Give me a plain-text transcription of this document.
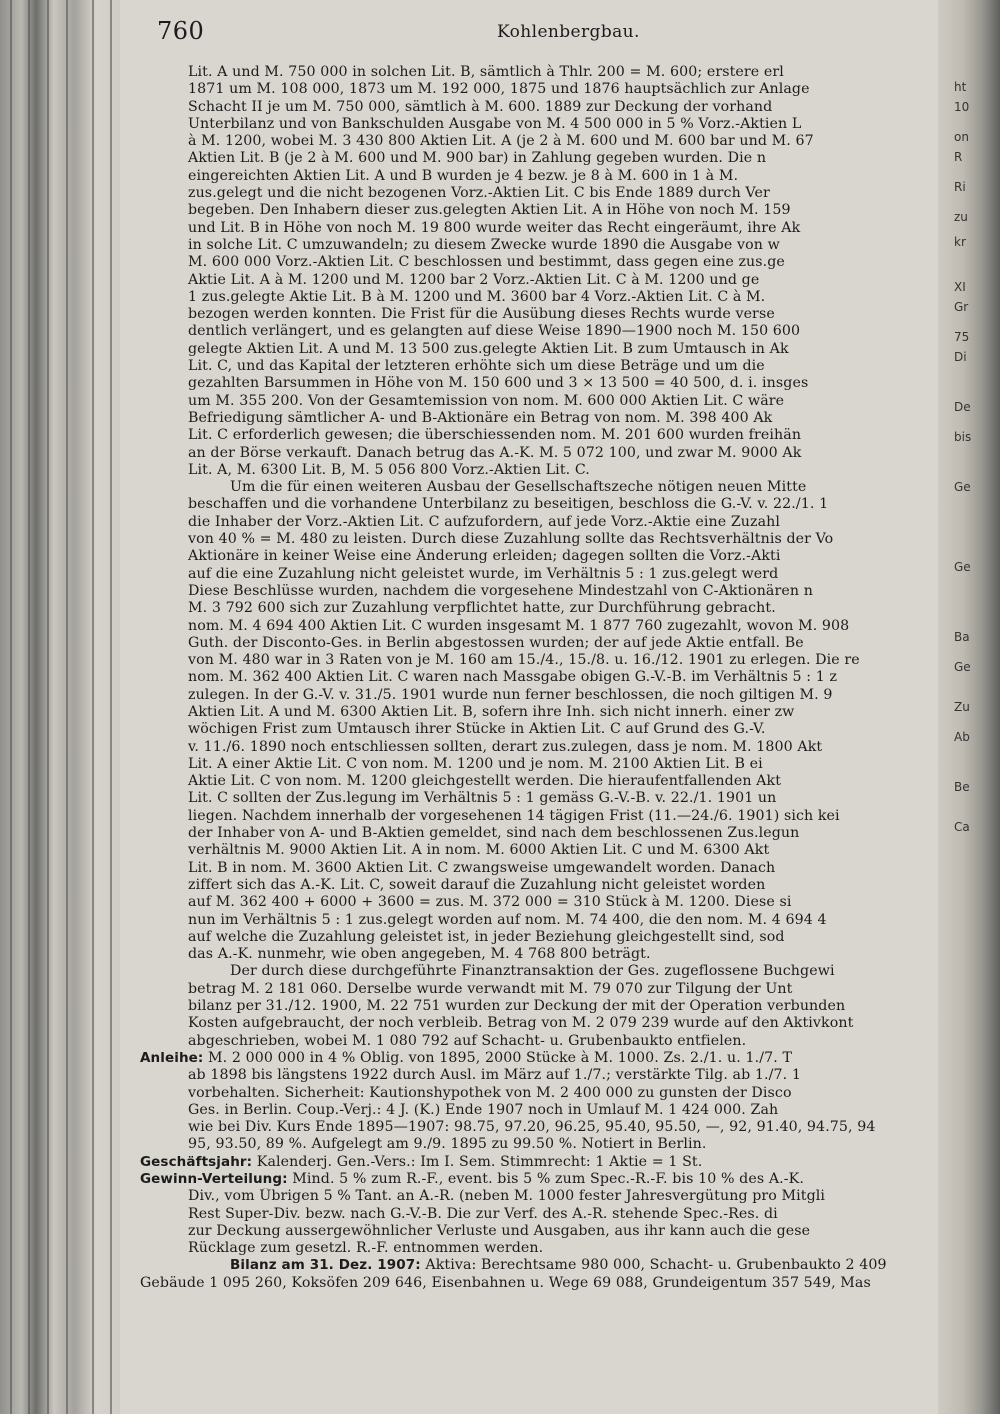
ht
10
on
R
Ri
zu
kr
XI
Gr
75
Di
De
bis
Ge
Ge
Ba
Ge
Zu
Ab
Be
Ca
760	Kohlenbergbau.
Lit. A und M. 750 000 in solchen Lit. B, sämtlich à Thlr. 200 = M. 600; erstere erl
1871 um M. 108 000, 1873 um M. 192 000, 1875 und 1876 hauptsächlich zur Anlage
Schacht II je um M. 750 000, sämtlich à M. 600. 1889 zur Deckung der vorhand
Unterbilanz und von Bankschulden Ausgabe von M. 4 500 000 in 5 % Vorz.-Aktien L
à M. 1200, wobei M. 3 430 800 Aktien Lit. A (je 2 à M. 600 und M. 600 bar und M. 67
Aktien Lit. B (je 2 à M. 600 und M. 900 bar) in Zahlung gegeben wurden. Die n
eingereichten Aktien Lit. A und B wurden je 4 bezw. je 8 à M. 600 in 1 à M.
zus.gelegt und die nicht bezogenen Vorz.-Aktien Lit. C bis Ende 1889 durch Ver
begeben. Den Inhabern dieser zus.gelegten Aktien Lit. A in Höhe von noch M. 159
und Lit. B in Höhe von noch M. 19 800 wurde weiter das Recht eingeräumt, ihre Ak
in solche Lit. C umzuwandeln; zu diesem Zwecke wurde 1890 die Ausgabe von w
M. 600 000 Vorz.-Aktien Lit. C beschlossen und bestimmt, dass gegen eine zus.ge
Aktie Lit. A à M. 1200 und M. 1200 bar 2 Vorz.-Aktien Lit. C à M. 1200 und ge
1 zus.gelegte Aktie Lit. B à M. 1200 und M. 3600 bar 4 Vorz.-Aktien Lit. C à M.
bezogen werden konnten. Die Frist für die Ausübung dieses Rechts wurde verse
dentlich verlängert, und es gelangten auf diese Weise 1890—1900 noch M. 150 600
gelegte Aktien Lit. A und M. 13 500 zus.gelegte Aktien Lit. B zum Umtausch in Ak
Lit. C, und das Kapital der letzteren erhöhte sich um diese Beträge und um die
gezahlten Barsummen in Höhe von M. 150 600 und 3 × 13 500 = 40 500, d. i. insges
um M. 355 200. Von der Gesamtemission von nom. M. 600 000 Aktien Lit. C wäre
Befriedigung sämtlicher A- und B-Aktionäre ein Betrag von nom. M. 398 400 Ak
Lit. C erforderlich gewesen; die überschiessenden nom. M. 201 600 wurden freihän
an der Börse verkauft. Danach betrug das A.-K. M. 5 072 100, und zwar M. 9000 Ak
Lit. A, M. 6300 Lit. B, M. 5 056 800 Vorz.-Aktien Lit. C.
Um die für einen weiteren Ausbau der Gesellschaftszeche nötigen neuen Mitte
beschaffen und die vorhandene Unterbilanz zu beseitigen, beschloss die G.-V. v. 22./1. 1
die Inhaber der Vorz.-Aktien Lit. C aufzufordern, auf jede Vorz.-Aktie eine Zuzahl
von 40 % = M. 480 zu leisten. Durch diese Zuzahlung sollte das Rechtsverhältnis der Vo
Aktionäre in keiner Weise eine Änderung erleiden; dagegen sollten die Vorz.-Akti
auf die eine Zuzahlung nicht geleistet wurde, im Verhältnis 5 : 1 zus.gelegt werd
Diese Beschlüsse wurden, nachdem die vorgesehene Mindestzahl von C-Aktionären n
M. 3 792 600 sich zur Zuzahlung verpflichtet hatte, zur Durchführung gebracht.
nom. M. 4 694 400 Aktien Lit. C wurden insgesamt M. 1 877 760 zugezahlt, wovon M. 908
Guth. der Disconto-Ges. in Berlin abgestossen wurden; der auf jede Aktie entfall. Be
von M. 480 war in 3 Raten von je M. 160 am 15./4., 15./8. u. 16./12. 1901 zu erlegen. Die re
nom. M. 362 400 Aktien Lit. C waren nach Massgabe obigen G.-V.-B. im Verhältnis 5 : 1 z
zulegen. In der G.-V. v. 31./5. 1901 wurde nun ferner beschlossen, die noch giltigen M. 9
Aktien Lit. A und M. 6300 Aktien Lit. B, sofern ihre Inh. sich nicht innerh. einer zw
wöchigen Frist zum Umtausch ihrer Stücke in Aktien Lit. C auf Grund des G.-V.
v. 11./6. 1890 noch entschliessen sollten, derart zus.zulegen, dass je nom. M. 1800 Akt
Lit. A einer Aktie Lit. C von nom. M. 1200 und je nom. M. 2100 Aktien Lit. B ei
Aktie Lit. C von nom. M. 1200 gleichgestellt werden. Die hieraufentfallenden Akt
Lit. C sollten der Zus.legung im Verhältnis 5 : 1 gemäss G.-V.-B. v. 22./1. 1901 un
liegen. Nachdem innerhalb der vorgesehenen 14 tägigen Frist (11.—24./6. 1901) sich kei
der Inhaber von A- und B-Aktien gemeldet, sind nach dem beschlossenen Zus.legun
verhältnis M. 9000 Aktien Lit. A in nom. M. 6000 Aktien Lit. C und M. 6300 Akt
Lit. B in nom. M. 3600 Aktien Lit. C zwangsweise umgewandelt worden. Danach
ziffert sich das A.-K. Lit. C, soweit darauf die Zuzahlung nicht geleistet worden
auf M. 362 400 + 6000 + 3600 = zus. M. 372 000 = 310 Stück à M. 1200. Diese si
nun im Verhältnis 5 : 1 zus.gelegt worden auf nom. M. 74 400, die den nom. M. 4 694 4
auf welche die Zuzahlung geleistet ist, in jeder Beziehung gleichgestellt sind, sod
das A.-K. nunmehr, wie oben angegeben, M. 4 768 800 beträgt.
Der durch diese durchgeführte Finanztransaktion der Ges. zugeflossene Buchgewi
betrag M. 2 181 060. Derselbe wurde verwandt mit M. 79 070 zur Tilgung der Unt
bilanz per 31./12. 1900, M. 22 751 wurden zur Deckung der mit der Operation verbunden
Kosten aufgebraucht, der noch verbleib. Betrag von M. 2 079 239 wurde auf den Aktivkont
abgeschrieben, wobei M. 1 080 792 auf Schacht- u. Grubenbaukto entfielen.
Anleihe: M. 2 000 000 in 4 % Oblig. von 1895, 2000 Stücke à M. 1000. Zs. 2./1. u. 1./7. T
ab 1898 bis längstens 1922 durch Ausl. im März auf 1./7.; verstärkte Tilg. ab 1./7. 1
vorbehalten. Sicherheit: Kautionshypothek von M. 2 400 000 zu gunsten der Disco
Ges. in Berlin. Coup.-Verj.: 4 J. (K.) Ende 1907 noch in Umlauf M. 1 424 000. Zah
wie bei Div. Kurs Ende 1895—1907: 98.75, 97.20, 96.25, 95.40, 95.50, —, 92, 91.40, 94.75, 94
95, 93.50, 89 %. Aufgelegt am 9./9. 1895 zu 99.50 %. Notiert in Berlin.
Geschäftsjahr: Kalenderj. Gen.-Vers.: Im I. Sem. Stimmrecht: 1 Aktie = 1 St.
Gewinn-Verteilung: Mind. 5 % zum R.-F., event. bis 5 % zum Spec.-R.-F. bis 10 % des A.-K.
Div., vom Übrigen 5 % Tant. an A.-R. (neben M. 1000 fester Jahresvergütung pro Mitgli
Rest Super-Div. bezw. nach G.-V.-B. Die zur Verf. des A.-R. stehende Spec.-Res. di
zur Deckung aussergewöhnlicher Verluste und Ausgaben, aus ihr kann auch die gese
Rücklage zum gesetzl. R.-F. entnommen werden.
Bilanz am 31. Dez. 1907: Aktiva: Berechtsame 980 000, Schacht- u. Grubenbaukto 2 409
Gebäude 1 095 260, Koksöfen 209 646, Eisenbahnen u. Wege 69 088, Grundeigentum 357 549, Mas
